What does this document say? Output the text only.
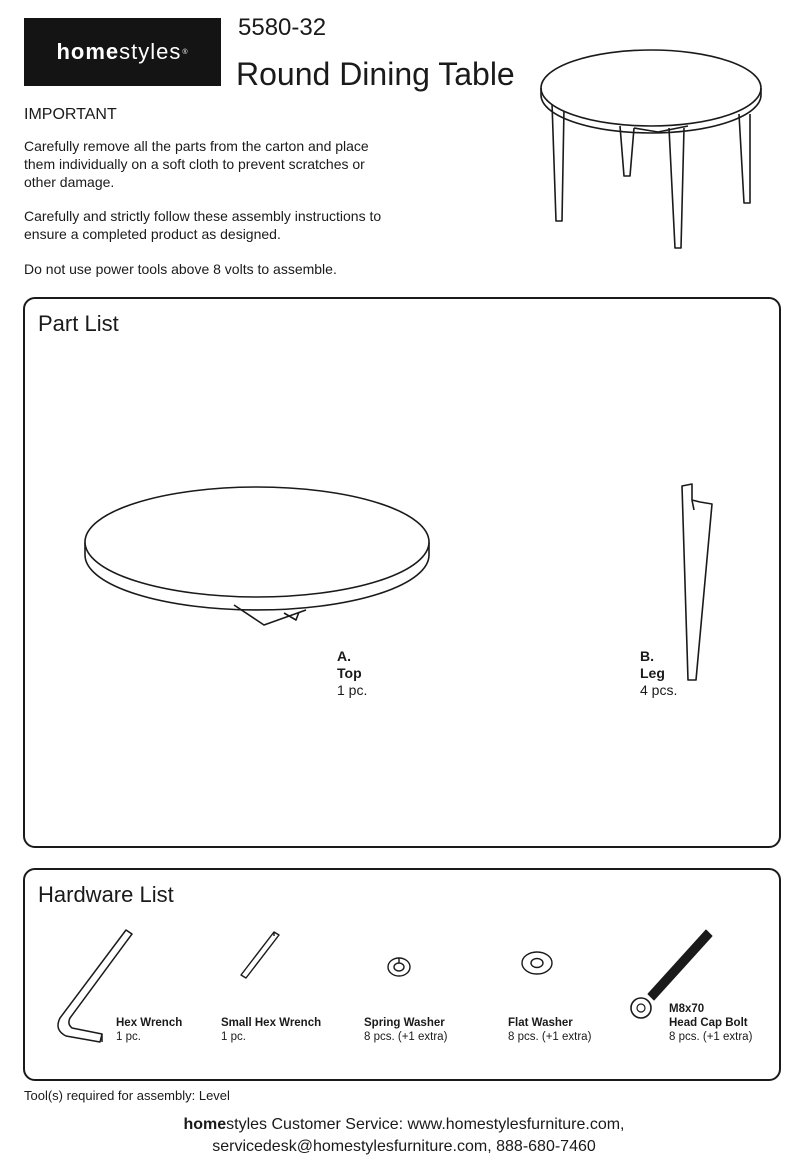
home styles ®
5580-32
Round Dining Table
IMPORTANT
Carefully remove all the parts from the carton and place them individually on a soft cloth to prevent scratches or other damage.
Carefully and strictly follow these assembly instructions to ensure a completed product as designed.
Do not use power tools above 8 volts to assemble.
Part List
A.
Top
1 pc.
B.
Leg
4 pcs.
Hardware List
Hex Wrench
1 pc.
Small Hex Wrench
1 pc.
Spring Washer
8 pcs. (+1 extra)
Flat Washer
8 pcs. (+1 extra)
M8x70
Head Cap Bolt
8 pcs. (+1 extra)
Tool(s) required for assembly: Level
homestyles Customer Service: www.homestylesfurniture.com,
servicedesk@homestylesfurniture.com, 888-680-7460
